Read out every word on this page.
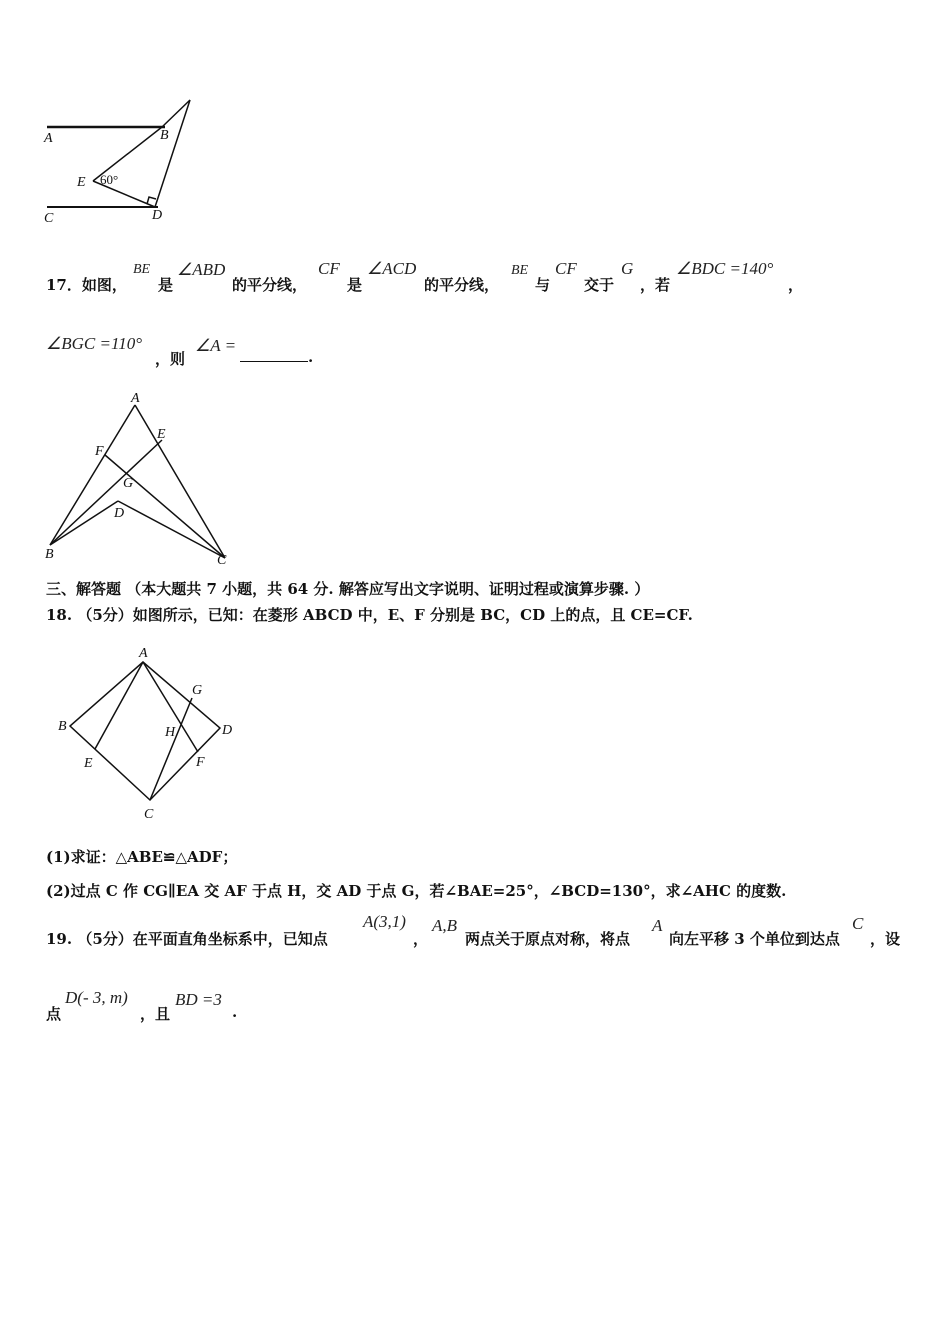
A	B
C	D
E 60°
A
B	C
D
E
F
G
A
B
C
D
E	F
G
H
17．如图，
BE
是
∠ABD
的平分线，
CF
是
∠ACD
的平分线，
BE
与
CF
交于
G
，若
∠BDC =140°
，
∠BGC =110°
，则
∠A =
.
三、解答题 （本大题共 7 小题，共 64 分. 解答应写出文字说明、证明过程或演算步骤. ）
18. （5分）如图所示，已知：在菱形 ABCD 中，E、F 分别是 BC，CD 上的点，且 CE=CF.
(1)求证：△ABE≌△ADF；
(2)过点 C 作 CG∥EA 交 AF 于点 H，交 AD 于点 G，若∠BAE=25°，∠BCD=130°，求∠AHC 的度数.
19. （5分）在平面直角坐标系中，已知点
A(3,1)
，
A,B
两点关于原点对称，将点
A
向左平移 3 个单位到达点
C
，设
点
D(- 3, m)
，且
BD =3
.
